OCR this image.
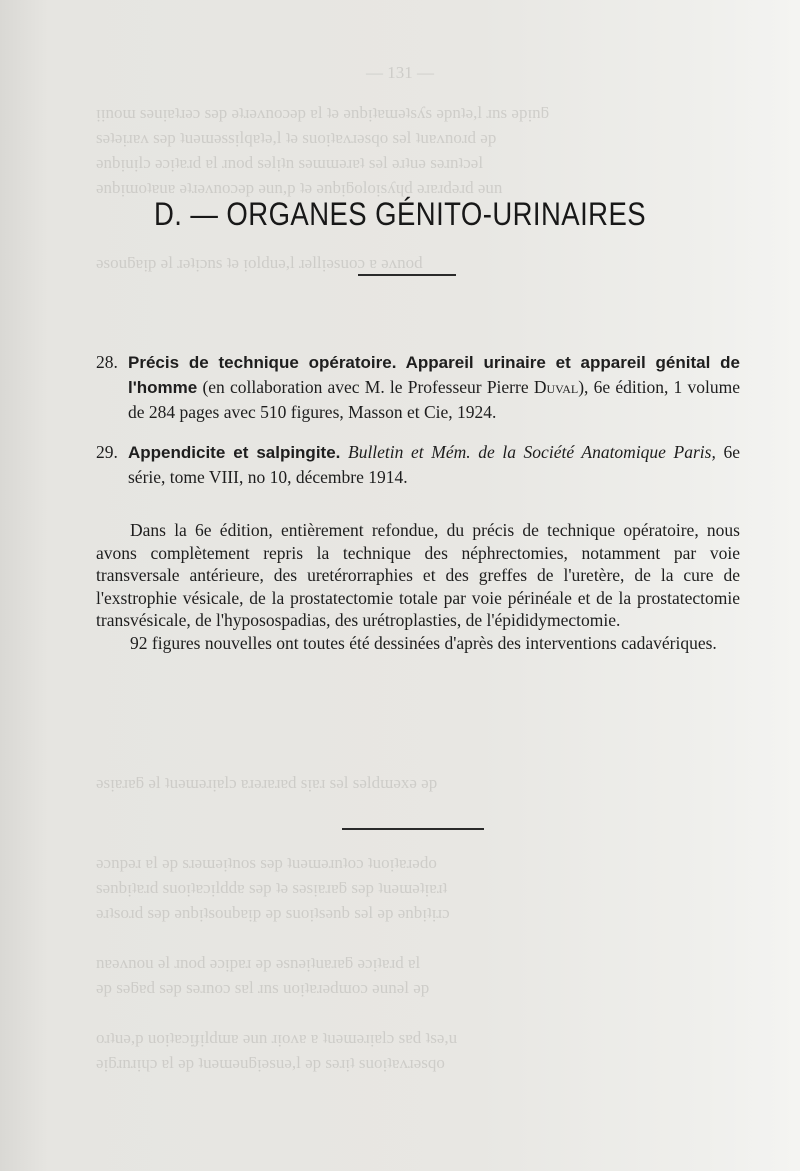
— 131 —
ᴉᴉnoɯ sǝuᴉɐʇɹǝɔ sǝp ǝʇɹǝʌnoɔǝp ɐl ʇǝ ǝnbᴉʇɐɯǝʇsʎs ǝpnʇǝ,l ɹns ǝpᴉnƃ
sǝʇǝᴉɹɐʌ sǝp ʇuǝɯǝssᴉlqɐʇǝ,l ʇǝ suoᴉʇɐʌɹǝsqo sǝl ʇuɐʌnoɹd ǝp
ǝnbᴉuᴉlɔ ǝɔᴉʇɐɹd ɐl ɹnod sǝlᴉʇn sǝɯɯǝɹɐʇ sǝl ǝɹʇuǝ sǝɹnʇɔǝl
ǝnbᴉɯoʇɐuɐ ǝʇɹǝʌnoɔǝp ǝun,p ʇǝ ǝnbᴉƃoloᴉsʎɥd ǝɹɐɹdǝɹd ǝun
ǝsouƃɐᴉp ǝl ɹǝʇᴉɔns ʇǝ ᴉolduǝ,l ɹǝllᴉǝsuoɔ ɐ ǝʌnod
ǝsᴉɐɹɐƃ ǝl ʇuǝɯǝɹᴉɐlɔ ɐɹǝɹɐɹɐd sᴉɐɹ sǝl sǝldɯǝxǝ ǝp
ǝɔnpǝɹ ɐl ǝp sɹǝɯǝᴉʇnos sǝp ʇuǝɯǝɹnʇoɔ ʇuoᴉʇɐɹǝdo
sǝnbᴉʇɐɹd suoᴉʇɐɔᴉlddɐ sǝp ʇǝ sǝsᴉɐɹɐƃ sǝp ʇuǝɯǝʇᴉɐɹʇ
ǝɹʇsoɹd sǝp ǝnbᴉʇsoubɐᴉp ǝp suoᴉʇsǝnb sǝl ǝp ǝnbᴉʇᴉɹɔ
nɐǝʌnou ǝl ɹnod ǝɔᴉpɐɹ ǝp ǝsnǝᴉʇuɐɹɐƃ ǝɔᴉʇɐɹd ɐl
ǝp sǝƃɐd sǝp sǝɹnoɔ sɐl ɹns uoᴉʇɐɹǝdɯoɔ ǝunǝl ǝp
oɹʇuǝ,p uoᴉʇɐɔᴉɟᴉldɯɐ ǝun ɹᴉoʌɐ ɐ ʇuǝɯǝɹᴉɐlɔ sɐd ʇsǝ,u
ǝᴉƃɹnɹᴉɥɔ ɐl ǝp ʇuǝɯǝuƃᴉǝsuǝ,l ǝp sǝɹᴉʇ suoᴉʇɐʌɹǝsqo
D. — ORGANES GÉNITO-URINAIRES
28. Précis de technique opératoire. Appareil urinaire et appareil génital de l'homme (en collaboration avec M. le Professeur Pierre Duval), 6e édition, 1 volume de 284 pages avec 510 figures, Masson et Cie, 1924.
29. Appendicite et salpingite. Bulletin et Mém. de la Société Anatomique Paris, 6e série, tome VIII, no 10, décembre 1914.

Dans la 6e édition, entièrement refondue, du précis de technique opératoire, nous avons complètement repris la technique des néphrectomies, notamment par voie transversale antérieure, des uretérorraphies et des greffes de l'uretère, de la cure de l'exstrophie vésicale, de la prostatectomie totale par voie périnéale et de la prostatectomie transvésicale, de l'hyposospadias, des urétroplasties, de l'épididymectomie.

92 figures nouvelles ont toutes été dessinées d'après des interventions cadavériques.
